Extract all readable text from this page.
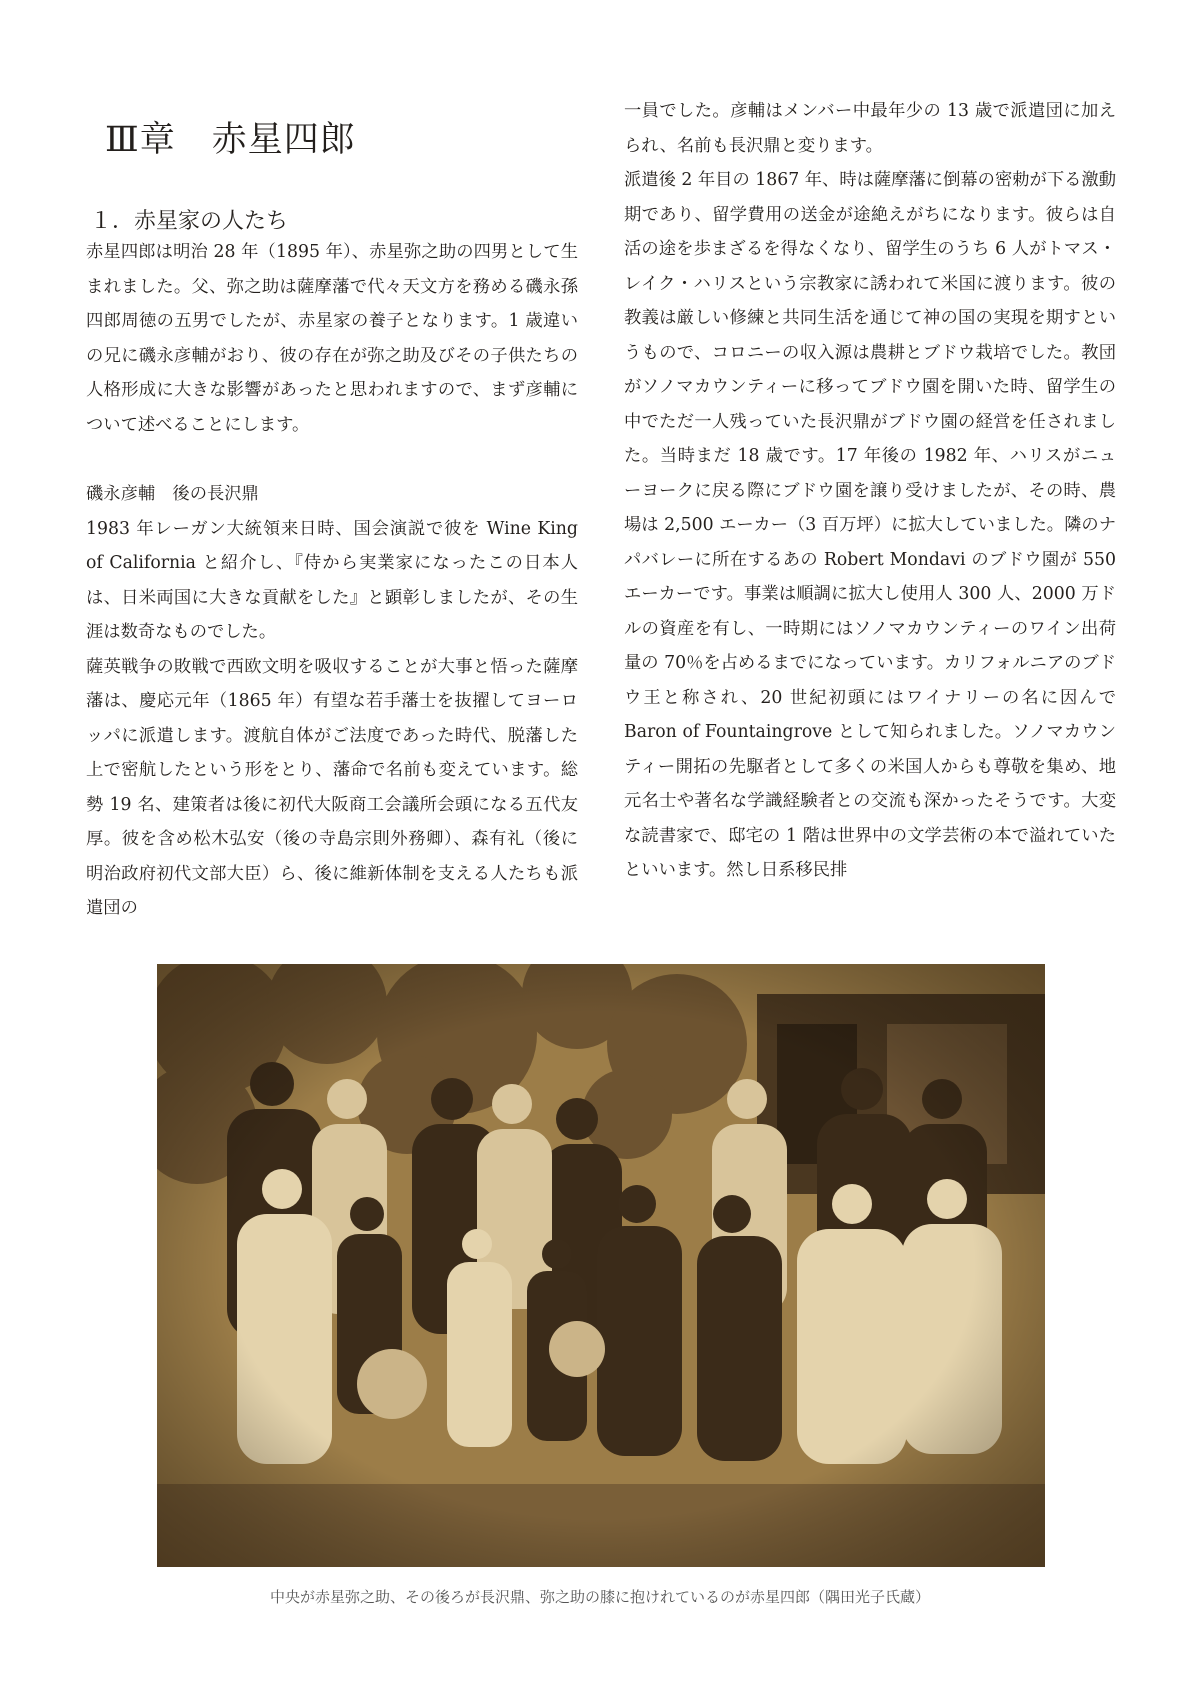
Ⅲ章　赤星四郎
１．赤星家の人たち

赤星四郎は明治 28 年（1895 年）、赤星弥之助の四男として生まれました。父、弥之助は薩摩藩で代々天文方を務める磯永孫四郎周徳の五男でしたが、赤星家の養子となります。1 歳違いの兄に磯永彦輔がおり、彼の存在が弥之助及びその子供たちの人格形成に大きな影響があったと思われますので、まず彦輔について述べることにします。

磯永彦輔　後の長沢鼎

1983 年レーガン大統領来日時、国会演説で彼を Wine King of California と紹介し、『侍から実業家になったこの日本人は、日米両国に大きな貢献をした』と顕彰しましたが、その生涯は数奇なものでした。

薩英戦争の敗戦で西欧文明を吸収することが大事と悟った薩摩藩は、慶応元年（1865 年）有望な若手藩士を抜擢してヨーロッパに派遣します。渡航自体がご法度であった時代、脱藩した上で密航したという形をとり、藩命で名前も変えています。総勢 19 名、建策者は後に初代大阪商工会議所会頭になる五代友厚。彼を含め松木弘安（後の寺島宗則外務卿）、森有礼（後に明治政府初代文部大臣）ら、後に維新体制を支える人たちも派遣団の

一員でした。彦輔はメンバー中最年少の 13 歳で派遣団に加えられ、名前も長沢鼎と変ります。

派遣後 2 年目の 1867 年、時は薩摩藩に倒幕の密勅が下る激動期であり、留学費用の送金が途絶えがちになります。彼らは自活の途を歩まざるを得なくなり、留学生のうち 6 人がトマス・レイク・ハリスという宗教家に誘われて米国に渡ります。彼の教義は厳しい修練と共同生活を通じて神の国の実現を期すというもので、コロニーの収入源は農耕とブドウ栽培でした。教団がソノマカウンティーに移ってブドウ園を開いた時、留学生の中でただ一人残っていた長沢鼎がブドウ園の経営を任されました。当時まだ 18 歳です。17 年後の 1982 年、ハリスがニューヨークに戻る際にブドウ園を譲り受けましたが、その時、農場は 2,500 エーカー（3 百万坪）に拡大していました。隣のナパバレーに所在するあの Robert Mondavi のブドウ園が 550 エーカーです。事業は順調に拡大し使用人 300 人、2000 万ドルの資産を有し、一時期にはソノマカウンティーのワイン出荷量の 70％を占めるまでになっています。カリフォルニアのブドウ王と称され、20 世紀初頭にはワイナリーの名に因んで Baron of Fountaingrove として知られました。ソノマカウンティー開拓の先駆者として多くの米国人からも尊敬を集め、地元名士や著名な学識経験者との交流も深かったそうです。大変な読書家で、邸宅の 1 階は世界中の文学芸術の本で溢れていたといいます。然し日系移民排

中央が赤星弥之助、その後ろが長沢鼎、弥之助の膝に抱けれているのが赤星四郎（隅田光子氏蔵）
